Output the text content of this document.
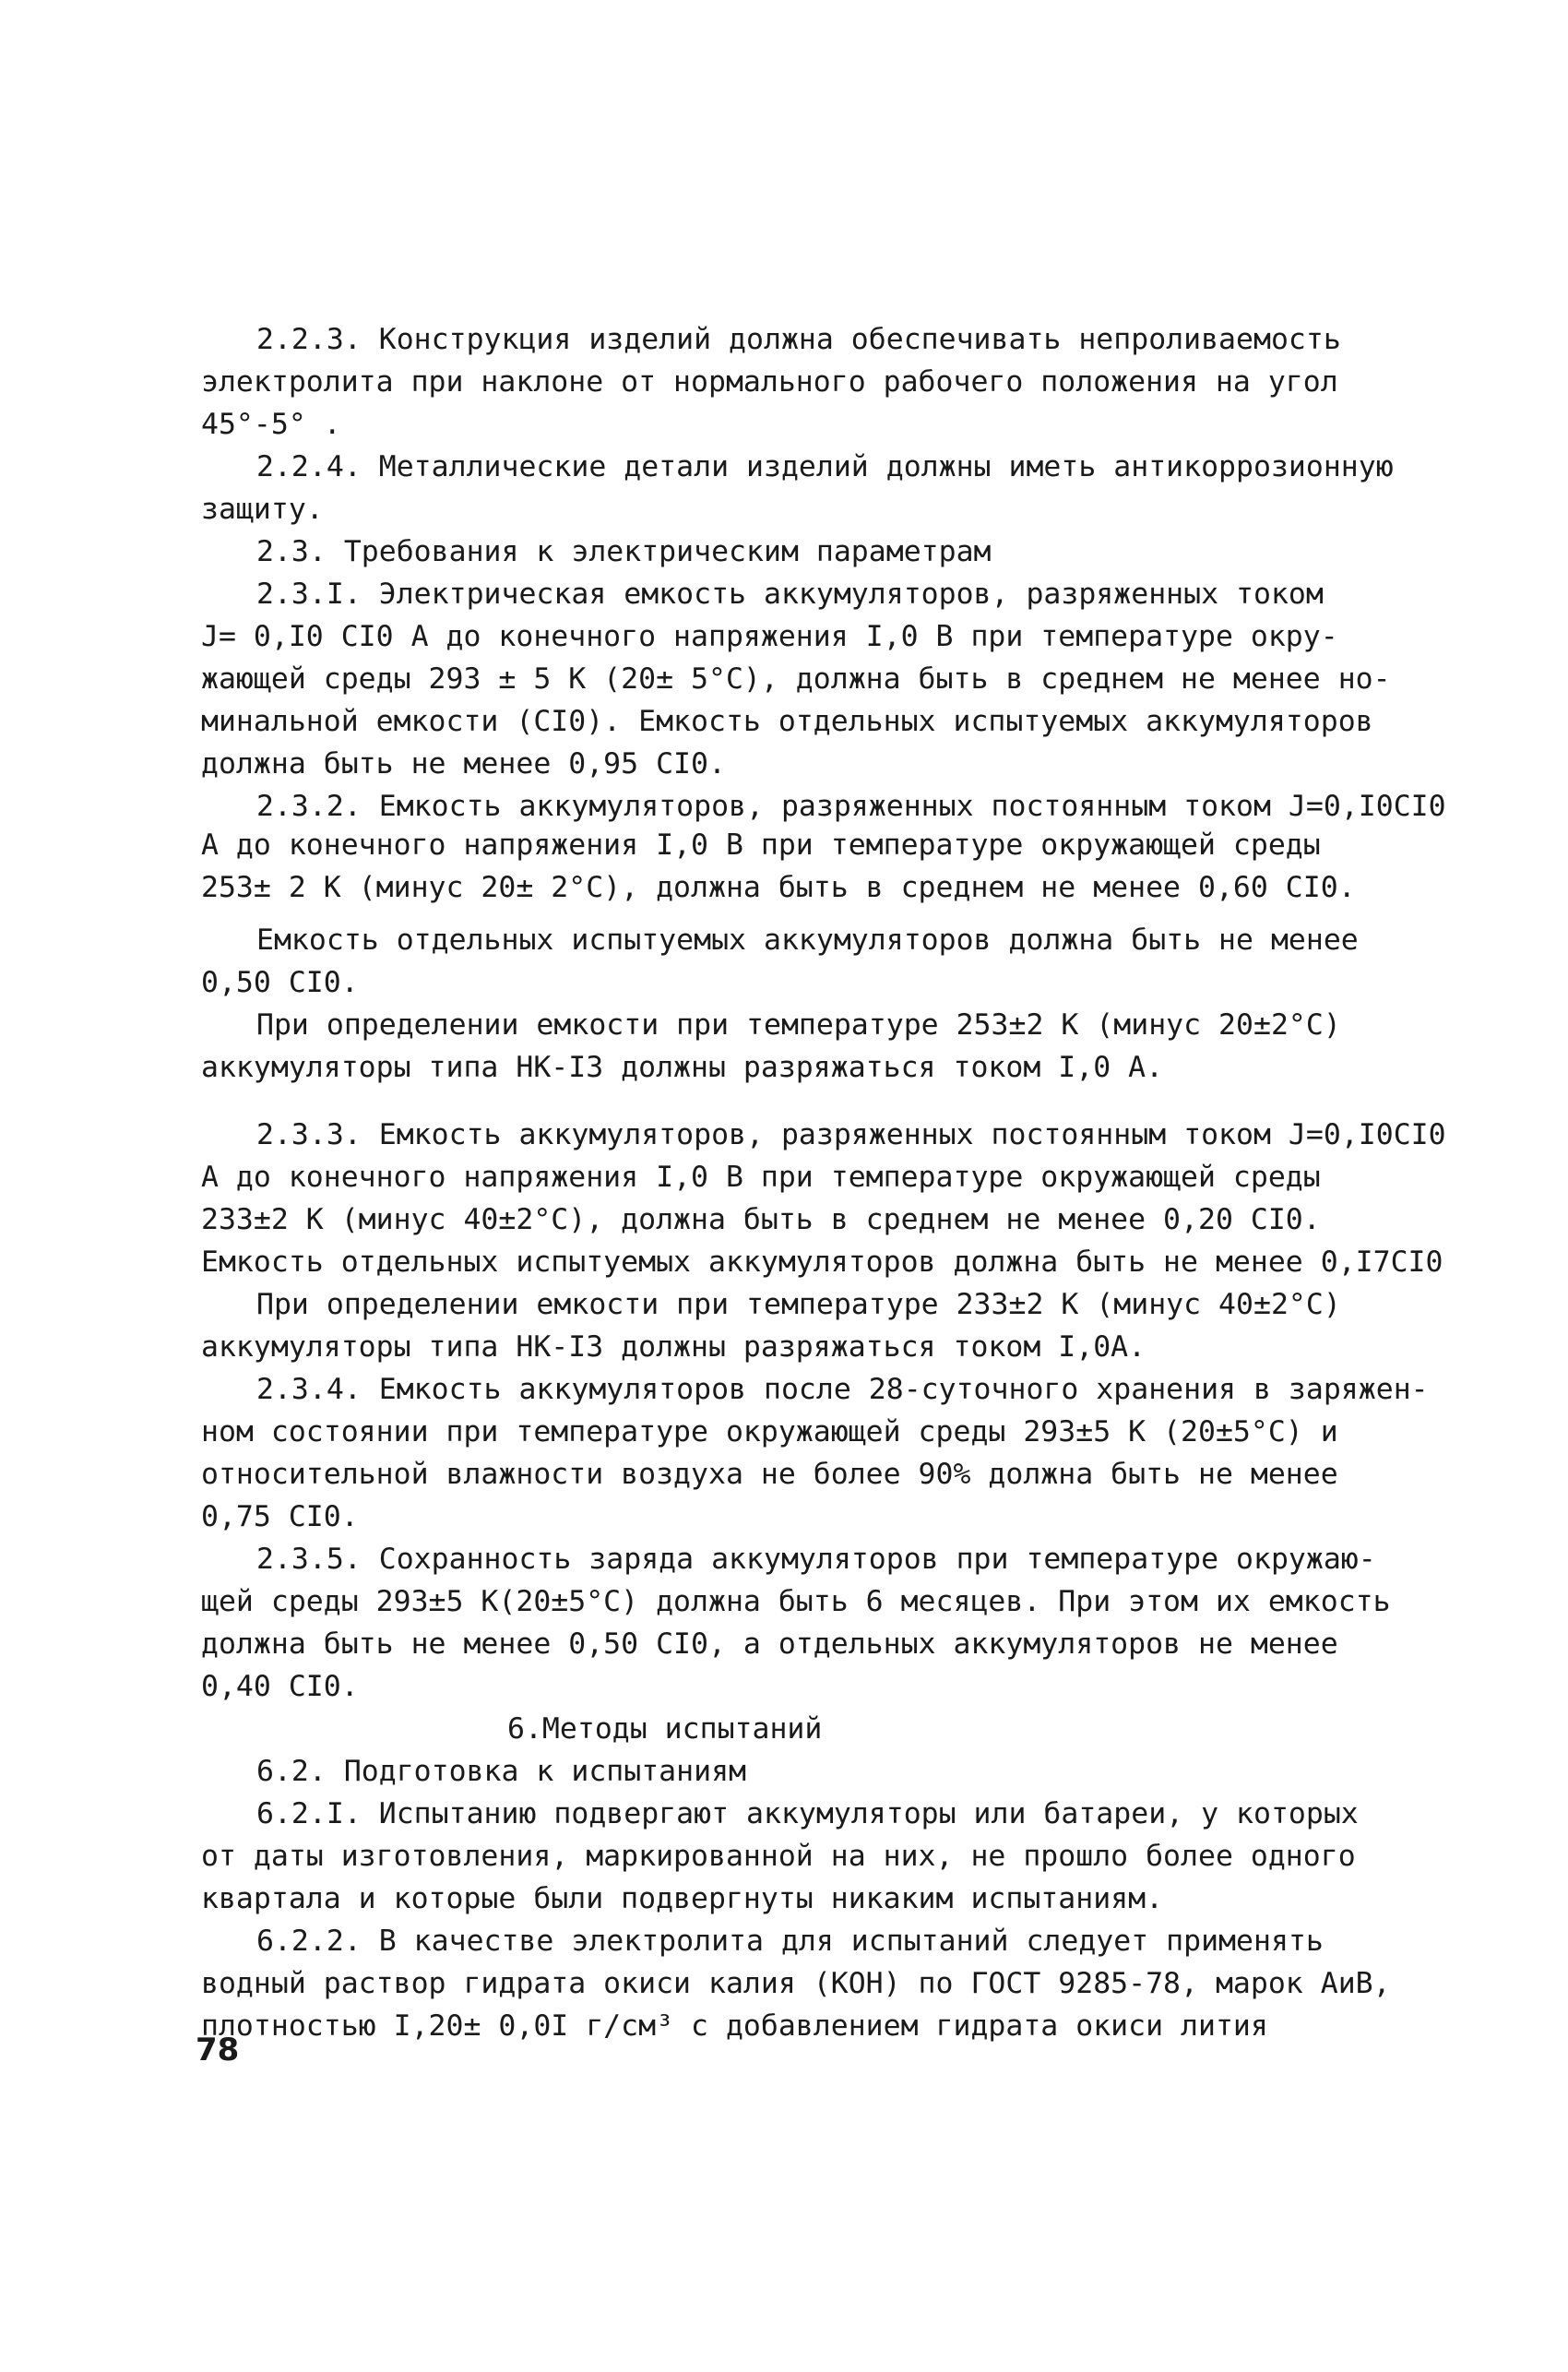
2.2.3. Конструкция изделий должна обеспечивать непроливаемость
электролита при наклоне от нормального рабочего положения на угол
45°-5° .
2.2.4. Металлические детали изделий должны иметь антикоррозионную
защиту.
2.3. Требования к электрическим параметрам
2.3.I. Электрическая емкость аккумуляторов, разряженных током
J= 0,I0 CI0 А до конечного напряжения I,0 В при температуре окру-
жающей среды 293 ± 5 К (20± 5°С), должна быть в среднем не менее но-
минальной емкости (CI0). Емкость отдельных испытуемых аккумуляторов
должна быть не менее 0,95 CI0.
2.3.2. Емкость аккумуляторов, разряженных постоянным током J=0,I0CI0
А до конечного напряжения I,0 В при температуре окружающей среды
253± 2 К (минус 20± 2°С), должна быть в среднем не менее 0,60 CI0.
Емкость отдельных испытуемых аккумуляторов должна быть не менее
0,50 CI0.
При определении емкости при температуре 253±2 К (минус 20±2°С)
аккумуляторы типа НК-I3 должны разряжаться током I,0 А.
2.3.3. Емкость аккумуляторов, разряженных постоянным током J=0,I0CI0
А до конечного напряжения I,0 В при температуре окружающей среды
233±2 К (минус 40±2°С), должна быть в среднем не менее 0,20 CI0.
Емкость отдельных испытуемых аккумуляторов должна быть не менее 0,I7CI0
При определении емкости при температуре 233±2 К (минус 40±2°С)
аккумуляторы типа НК-I3 должны разряжаться током I,0А.
2.3.4. Емкость аккумуляторов после 28-суточного хранения в заряжен-
ном состоянии при температуре окружающей среды 293±5 К (20±5°С) и
относительной влажности воздуха не более 90% должна быть не менее
0,75 CI0.
2.3.5. Сохранность заряда аккумуляторов при температуре окружаю-
щей среды 293±5 К(20±5°С) должна быть 6 месяцев. При этом их емкость
должна быть не менее 0,50 CI0, а отдельных аккумуляторов не менее
0,40 CI0.
6.Методы испытаний
6.2. Подготовка к испытаниям
6.2.I. Испытанию подвергают аккумуляторы или батареи, у которых
от даты изготовления, маркированной на них, не прошло более одного
квартала и которые были подвергнуты никаким испытаниям.
6.2.2. В качестве электролита для испытаний следует применять
водный раствор гидрата окиси калия (КОН) по ГОСТ 9285-78, марок АиВ,
плотностью I,20± 0,0I г/см³ с добавлением гидрата окиси лития
78
